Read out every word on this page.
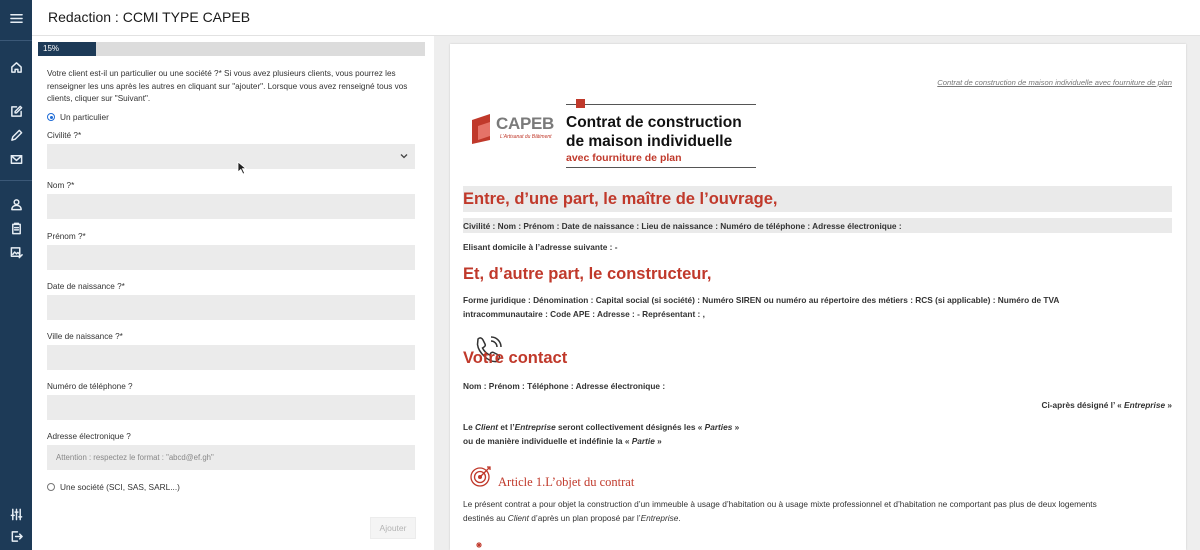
Redaction : CCMI TYPE CAPEB
15%
Votre client est-il un particulier ou une société ?* Si vous avez plusieurs clients, vous pourrez les renseigner les uns après les autres en cliquant sur "ajouter". Lorsque vous avez renseigné tous vos clients, cliquer sur "Suivant".
Un particulier
Civilité ?*
Nom ?*
Prénom ?*
Date de naissance ?*
Ville de naissance ?*
Numéro de téléphone ?
Adresse électronique ?
Attention : respectez le format : "abcd@ef.gh"
Une société (SCI, SAS, SARL...)
Ajouter
Contrat de construction de maison individuelle avec fourniture de plan
CAPEB
L'Artisanat du Bâtiment
Contrat de construction
de maison individuelle
avec fourniture de plan
Entre, d’une part, le maître de l’ouvrage,
Civilité : Nom : Prénom : Date de naissance : Lieu de naissance : Numéro de téléphone : Adresse électronique :
Elisant domicile à l’adresse suivante : -
Et, d’autre part, le constructeur,
Forme juridique : Dénomination : Capital social (si société) : Numéro SIREN ou numéro au répertoire des métiers : RCS (si applicable) : Numéro de TVA
intracommunautaire : Code APE : Adresse : - Représentant : ,
Votre contact
Nom : Prénom : Téléphone : Adresse électronique :
Ci-après désigné l’ « Entreprise »
Le Client et l’Entreprise seront collectivement désignés les « Parties »
ou de manière individuelle et indéfinie la « Partie »
Article 1.L’objet du contrat
Le présent contrat a pour objet la construction d’un immeuble à usage d’habitation ou à usage mixte professionnel et d’habitation ne comportant pas plus de deux logements
destinés au Client d’après un plan proposé par l’Entreprise.
